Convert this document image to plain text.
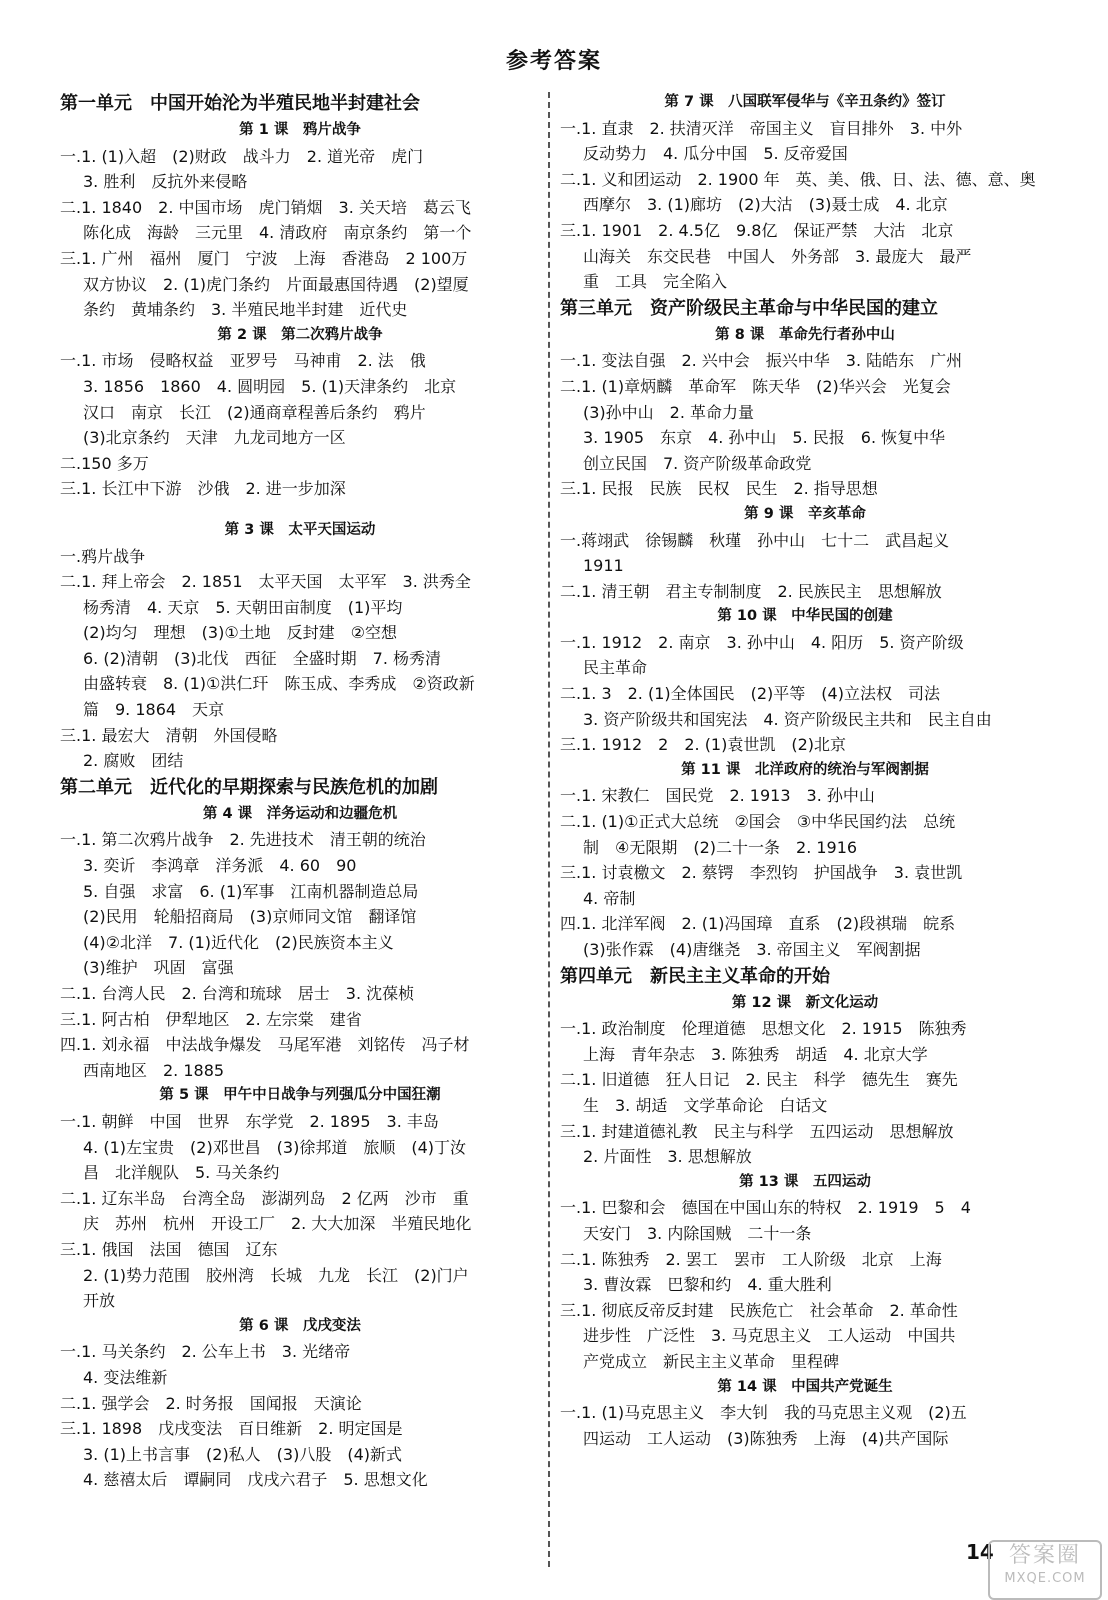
参考答案
第一单元　中国开始沦为半殖民地半封建社会
第 1 课　鸦片战争
一.1. (1)入超　(2)财政　战斗力　2. 道光帝　虎门
3. 胜利　反抗外来侵略
二.1. 1840　2. 中国市场　虎门销烟　3. 关天培　葛云飞
陈化成　海龄　三元里　4. 清政府　南京条约　第一个
三.1. 广州　福州　厦门　宁波　上海　香港岛　2 100万
双方协议　2. (1)虎门条约　片面最惠国待遇　(2)望厦
条约　黄埔条约　3. 半殖民地半封建　近代史
第 2 课　第二次鸦片战争
一.1. 市场　侵略权益　亚罗号　马神甫　2. 法　俄
3. 1856　1860　4. 圆明园　5. (1)天津条约　北京
汉口　南京　长江　(2)通商章程善后条约　鸦片
(3)北京条约　天津　九龙司地方一区
二.150 多万
三.1. 长江中下游　沙俄　2. 进一步加深
第 3 课　太平天国运动
一.鸦片战争
二.1. 拜上帝会　2. 1851　太平天国　太平军　3. 洪秀全
杨秀清　4. 天京　5. 天朝田亩制度　(1)平均
(2)均匀　理想　(3)①土地　反封建　②空想
6. (2)清朝　(3)北伐　西征　全盛时期　7. 杨秀清
由盛转衰　8. (1)①洪仁玕　陈玉成、李秀成　②资政新
篇　9. 1864　天京
三.1. 最宏大　清朝　外国侵略
2. 腐败　团结
第二单元　近代化的早期探索与民族危机的加剧
第 4 课　洋务运动和边疆危机
一.1. 第二次鸦片战争　2. 先进技术　清王朝的统治
3. 奕䜣　李鸿章　洋务派　4. 60　90
5. 自强　求富　6. (1)军事　江南机器制造总局
(2)民用　轮船招商局　(3)京师同文馆　翻译馆
(4)②北洋　7. (1)近代化　(2)民族资本主义
(3)维护　巩固　富强
二.1. 台湾人民　2. 台湾和琉球　居士　3. 沈葆桢
三.1. 阿古柏　伊犁地区　2. 左宗棠　建省
四.1. 刘永福　中法战争爆发　马尾军港　刘铭传　冯子材
西南地区　2. 1885
第 5 课　甲午中日战争与列强瓜分中国狂潮
一.1. 朝鲜　中国　世界　东学党　2. 1895　3. 丰岛
4. (1)左宝贵　(2)邓世昌　(3)徐邦道　旅顺　(4)丁汝
昌　北洋舰队　5. 马关条约
二.1. 辽东半岛　台湾全岛　澎湖列岛　2 亿两　沙市　重
庆　苏州　杭州　开设工厂　2. 大大加深　半殖民地化
三.1. 俄国　法国　德国　辽东
2. (1)势力范围　胶州湾　长城　九龙　长江　(2)门户
开放
第 6 课　戊戌变法
一.1. 马关条约　2. 公车上书　3. 光绪帝
4. 变法维新
二.1. 强学会　2. 时务报　国闻报　天演论
三.1. 1898　戊戌变法　百日维新　2. 明定国是
3. (1)上书言事　(2)私人　(3)八股　(4)新式
4. 慈禧太后　谭嗣同　戊戌六君子　5. 思想文化
第 7 课　八国联军侵华与《辛丑条约》签订
一.1. 直隶　2. 扶清灭洋　帝国主义　盲目排外　3. 中外
反动势力　4. 瓜分中国　5. 反帝爱国
二.1. 义和团运动　2. 1900 年　英、美、俄、日、法、德、意、奥
西摩尔　3. (1)廊坊　(2)大沽　(3)聂士成　4. 北京
三.1. 1901　2. 4.5亿　9.8亿　保证严禁　大沽　北京
山海关　东交民巷　中国人　外务部　3. 最庞大　最严
重　工具　完全陷入
第三单元　资产阶级民主革命与中华民国的建立
第 8 课　革命先行者孙中山
一.1. 变法自强　2. 兴中会　振兴中华　3. 陆皓东　广州
二.1. (1)章炳麟　革命军　陈天华　(2)华兴会　光复会
(3)孙中山　2. 革命力量
3. 1905　东京　4. 孙中山　5. 民报　6. 恢复中华
创立民国　7. 资产阶级革命政党
三.1. 民报　民族　民权　民生　2. 指导思想
第 9 课　辛亥革命
一.蒋翊武　徐锡麟　秋瑾　孙中山　七十二　武昌起义
1911
二.1. 清王朝　君主专制制度　2. 民族民主　思想解放
第 10 课　中华民国的创建
一.1. 1912　2. 南京　3. 孙中山　4. 阳历　5. 资产阶级
民主革命
二.1. 3　2. (1)全体国民　(2)平等　(4)立法权　司法
3. 资产阶级共和国宪法　4. 资产阶级民主共和　民主自由
三.1. 1912　2　2. (1)袁世凯　(2)北京
第 11 课　北洋政府的统治与军阀割据
一.1. 宋教仁　国民党　2. 1913　3. 孙中山
二.1. (1)①正式大总统　②国会　③中华民国约法　总统
制　④无限期　(2)二十一条　2. 1916
三.1. 讨袁檄文　2. 蔡锷　李烈钧　护国战争　3. 袁世凯
4. 帝制
四.1. 北洋军阀　2. (1)冯国璋　直系　(2)段祺瑞　皖系
(3)张作霖　(4)唐继尧　3. 帝国主义　军阀割据
第四单元　新民主主义革命的开始
第 12 课　新文化运动
一.1. 政治制度　伦理道德　思想文化　2. 1915　陈独秀
上海　青年杂志　3. 陈独秀　胡适　4. 北京大学
二.1. 旧道德　狂人日记　2. 民主　科学　德先生　赛先
生　3. 胡适　文学革命论　白话文
三.1. 封建道德礼教　民主与科学　五四运动　思想解放
2. 片面性　3. 思想解放
第 13 课　五四运动
一.1. 巴黎和会　德国在中国山东的特权　2. 1919　5　4
天安门　3. 内除国贼　二十一条
二.1. 陈独秀　2. 罢工　罢市　工人阶级　北京　上海
3. 曹汝霖　巴黎和约　4. 重大胜利
三.1. 彻底反帝反封建　民族危亡　社会革命　2. 革命性
进步性　广泛性　3. 马克思主义　工人运动　中国共
产党成立　新民主主义革命　里程碑
第 14 课　中国共产党诞生
一.1. (1)马克思主义　李大钊　我的马克思主义观　(2)五
四运动　工人运动　(3)陈独秀　上海　(4)共产国际
14 答案圈
MXQE.COM
